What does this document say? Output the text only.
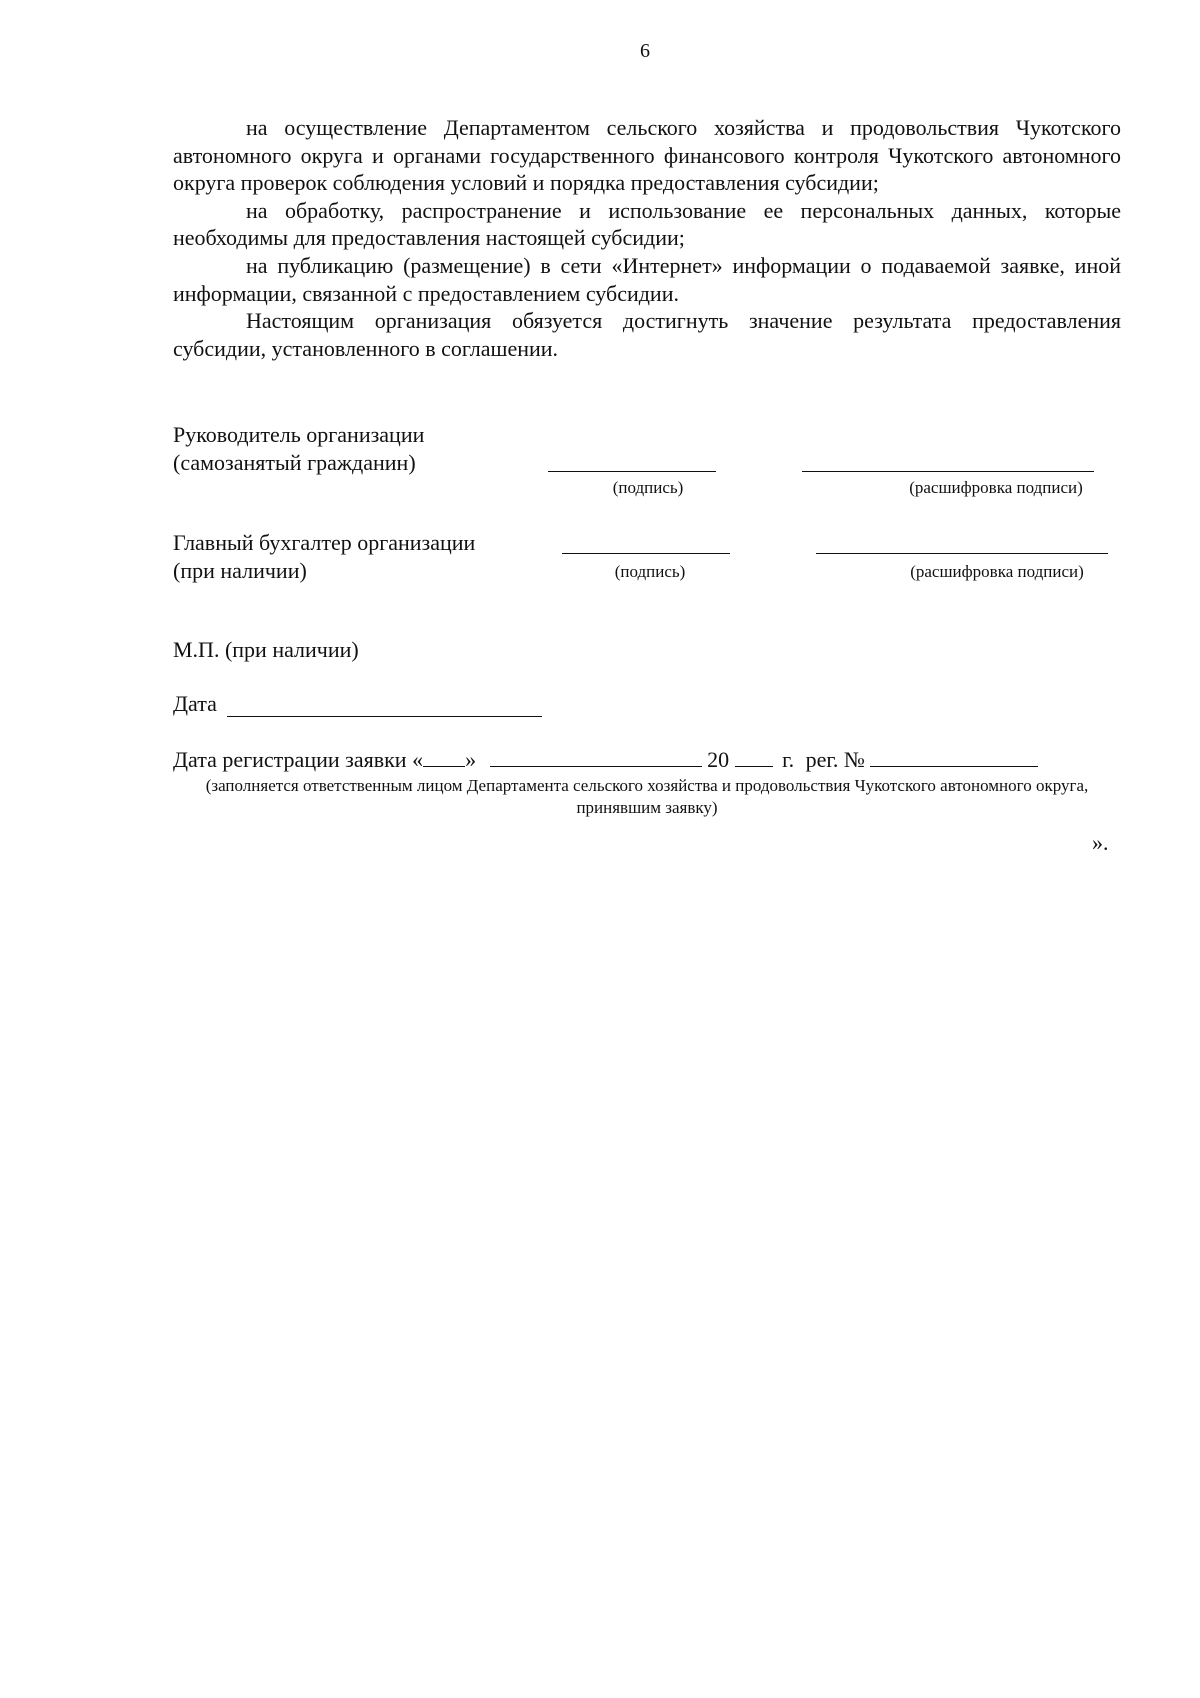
6

на осуществление Департаментом сельского хозяйства и продовольствия Чукотского автономного округа и органами государственного финансового контроля Чукотского автономного округа проверок соблюдения условий и порядка предоставления субсидии;

на обработку, распространение и использование ее персональных данных, которые необходимы для предоставления настоящей субсидии;

на публикацию (размещение) в сети «Интернет» информации о подаваемой заявке, иной информации, связанной с предоставлением субсидии.

Настоящим организация обязуется достигнуть значение результата предоставления субсидии, установленного в соглашении.

Руководитель организации
(самозанятый гражданин)
(подпись)	(расшифровка подписи)
Главный бухгалтер организации
(при наличии)	(подпись)	(расшифровка подписи)
М.П. (при наличии)
Дата
Дата регистрации заявки « »	20 г. рег. №
(заполняется ответственным лицом Департамента сельского хозяйства и продовольствия Чукотского автономного округа, принявшим заявку)
».
